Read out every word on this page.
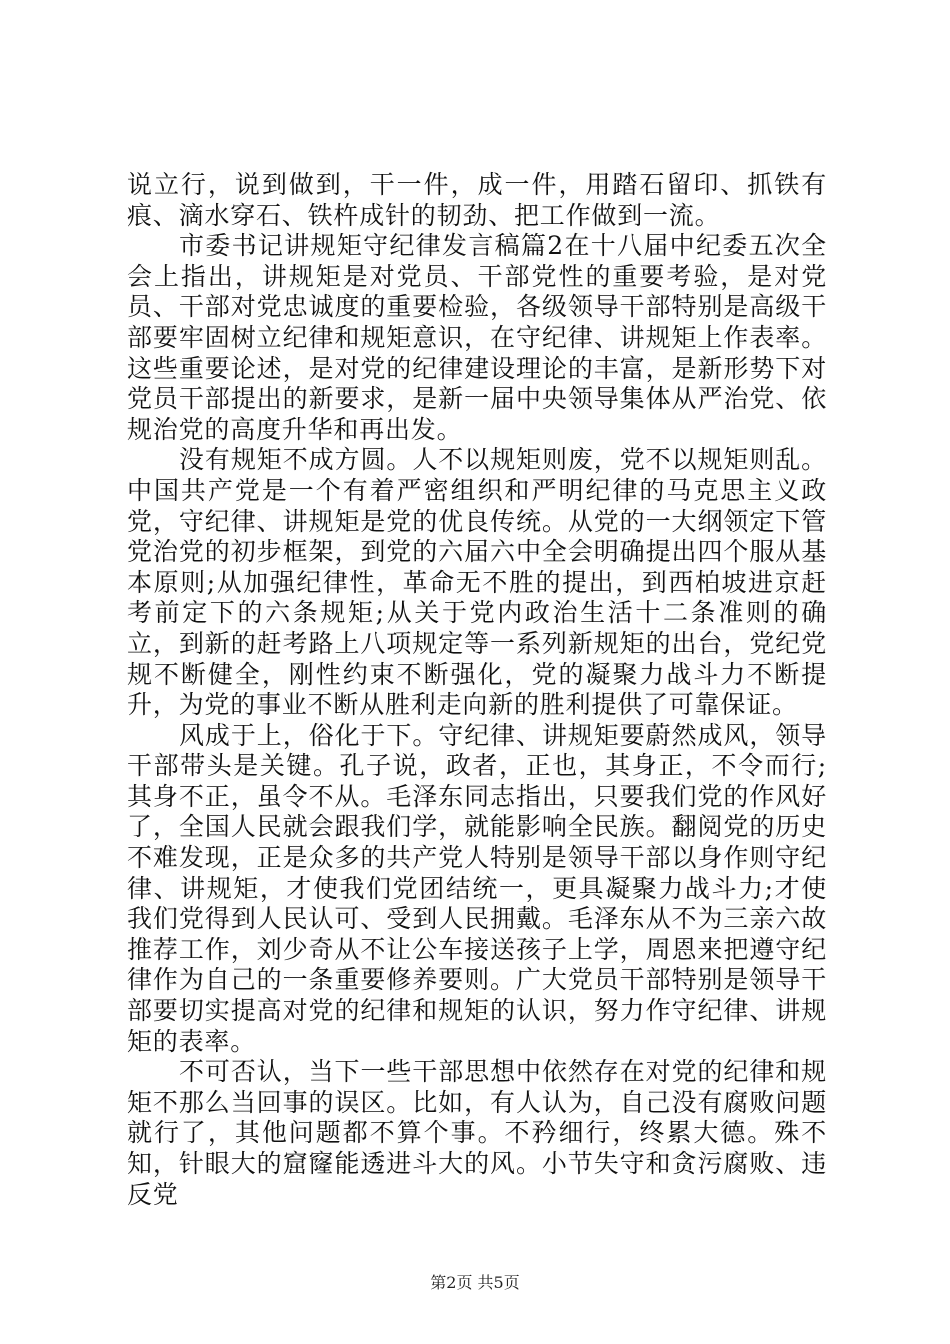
说立行，说到做到，干一件，成一件，用踏石留印、抓铁有痕、滴水穿石、铁杵成针的韧劲、把工作做到一流。

市委书记讲规矩守纪律发言稿篇2在十八届中纪委五次全会上指出，讲规矩是对党员、干部党性的重要考验，是对党员、干部对党忠诚度的重要检验，各级领导干部特别是高级干部要牢固树立纪律和规矩意识，在守纪律、讲规矩上作表率。这些重要论述，是对党的纪律建设理论的丰富，是新形势下对党员干部提出的新要求，是新一届中央领导集体从严治党、依规治党的高度升华和再出发。

没有规矩不成方圆。人不以规矩则废，党不以规矩则乱。中国共产党是一个有着严密组织和严明纪律的马克思主义政党，守纪律、讲规矩是党的优良传统。从党的一大纲领定下管党治党的初步框架，到党的六届六中全会明确提出四个服从基本原则;从加强纪律性，革命无不胜的提出，到西柏坡进京赶考前定下的六条规矩;从关于党内政治生活十二条准则的确立，到新的赶考路上八项规定等一系列新规矩的出台，党纪党规不断健全，刚性约束不断强化，党的凝聚力战斗力不断提升，为党的事业不断从胜利走向新的胜利提供了可靠保证。

风成于上，俗化于下。守纪律、讲规矩要蔚然成风，领导干部带头是关键。孔子说，政者，正也，其身正，不令而行;其身不正，虽令不从。毛泽东同志指出，只要我们党的作风好了，全国人民就会跟我们学，就能影响全民族。翻阅党的历史不难发现，正是众多的共产党人特别是领导干部以身作则守纪律、讲规矩，才使我们党团结统一，更具凝聚力战斗力;才使我们党得到人民认可、受到人民拥戴。毛泽东从不为三亲六故推荐工作，刘少奇从不让公车接送孩子上学，周恩来把遵守纪律作为自己的一条重要修养要则。广大党员干部特别是领导干部要切实提高对党的纪律和规矩的认识，努力作守纪律、讲规矩的表率。

不可否认，当下一些干部思想中依然存在对党的纪律和规矩不那么当回事的误区。比如，有人认为，自己没有腐败问题就行了，其他问题都不算个事。不矜细行，终累大德。殊不知，针眼大的窟窿能透进斗大的风。小节失守和贪污腐败、违反党

第2页 共5页
